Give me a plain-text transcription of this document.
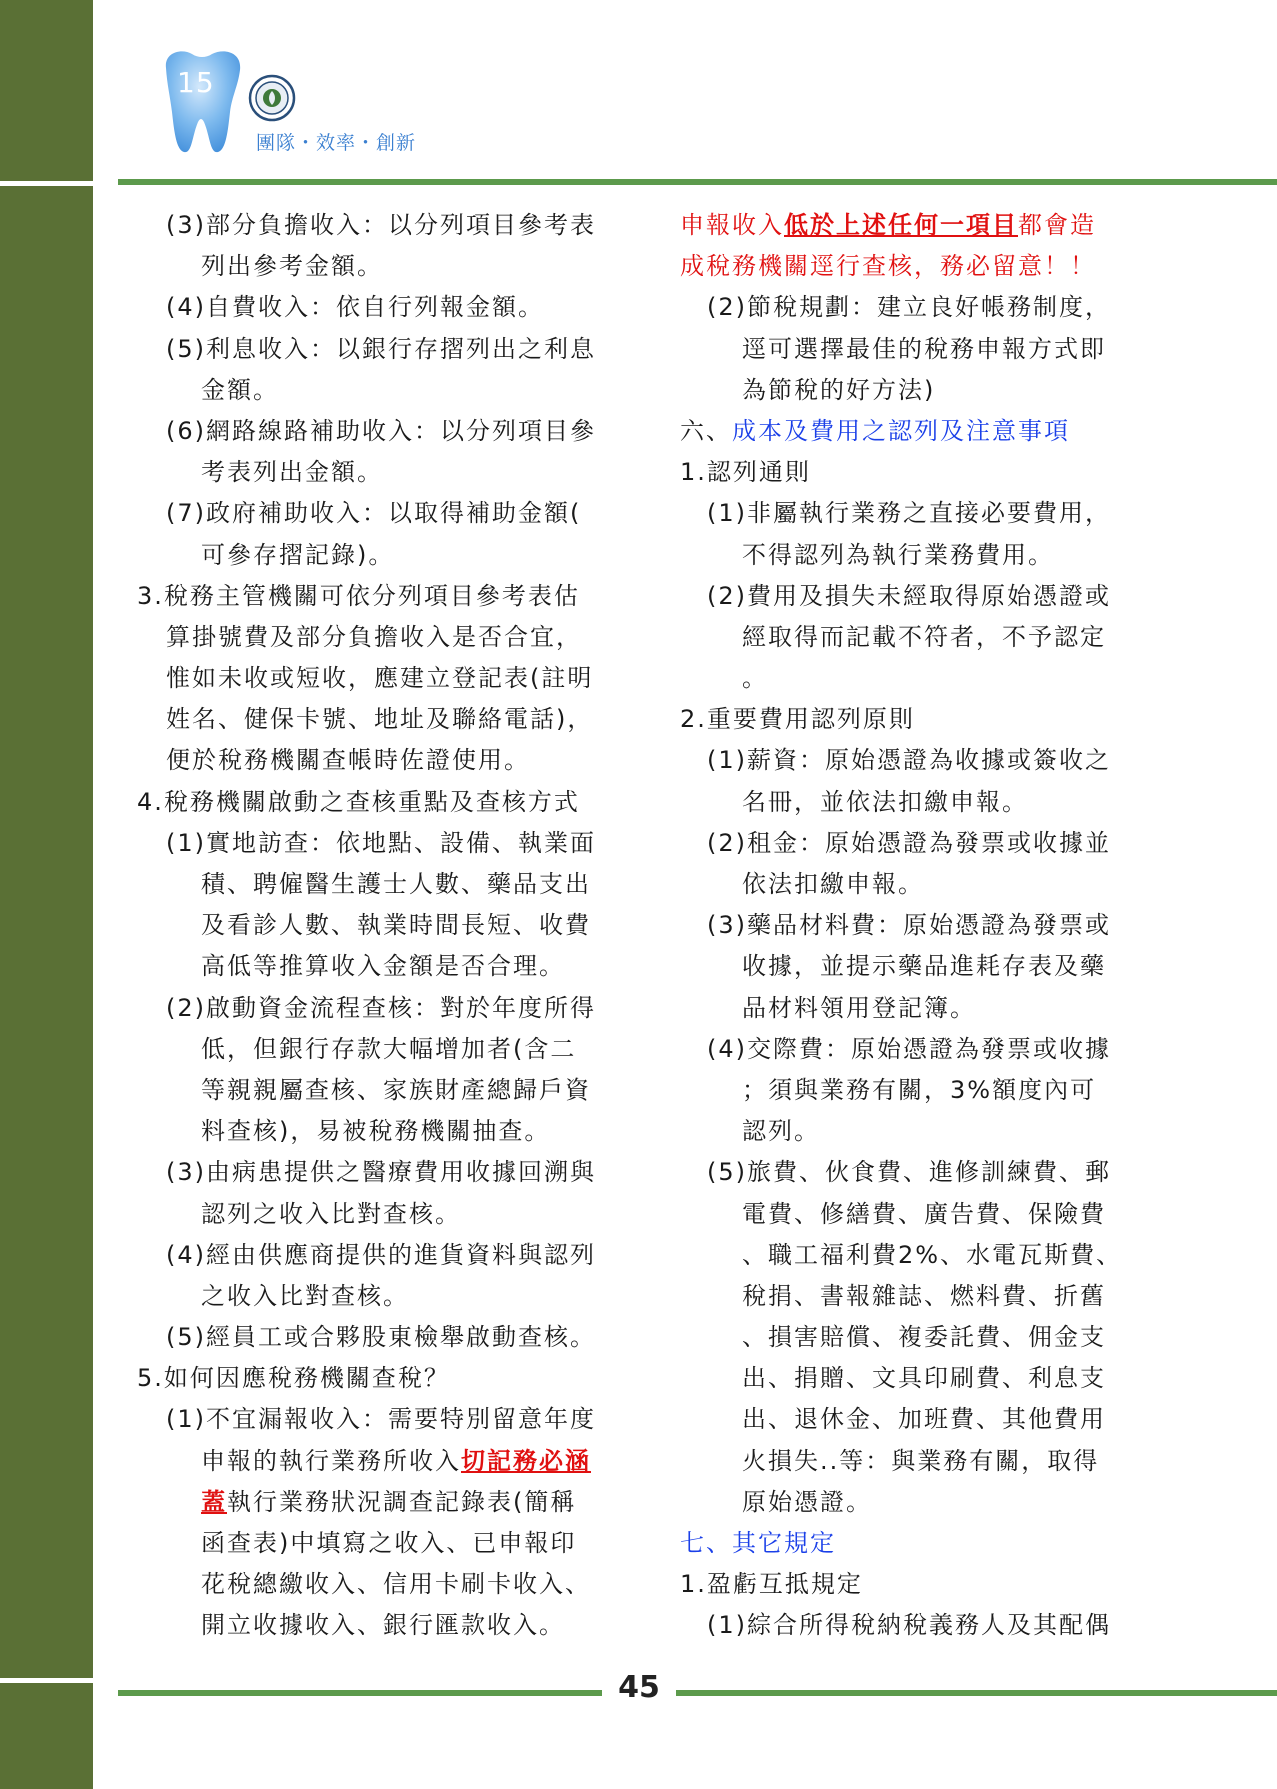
15
團隊・效率・創新
(3)部分負擔收入：以分列項目參考表
列出參考金額。
(4)自費收入：依自行列報金額。
(5)利息收入：以銀行存摺列出之利息
金額。
(6)網路線路補助收入：以分列項目參
考表列出金額。
(7)政府補助收入：以取得補助金額(
可參存摺記錄)。
3.稅務主管機關可依分列項目參考表估
算掛號費及部分負擔收入是否合宜，
惟如未收或短收，應建立登記表(註明
姓名、健保卡號、地址及聯絡電話)，
便於稅務機關查帳時佐證使用。
4.稅務機關啟動之查核重點及查核方式
(1)實地訪查：依地點、設備、執業面
積、聘僱醫生護士人數、藥品支出
及看診人數、執業時間長短、收費
高低等推算收入金額是否合理。
(2)啟動資金流程查核：對於年度所得
低，但銀行存款大幅增加者(含二
等親親屬查核、家族財產總歸戶資
料查核)，易被稅務機關抽查。
(3)由病患提供之醫療費用收據回溯與
認列之收入比對查核。
(4)經由供應商提供的進貨資料與認列
之收入比對查核。
(5)經員工或合夥股東檢舉啟動查核。
5.如何因應稅務機關查稅？
(1)不宜漏報收入：需要特別留意年度
申報的執行業務所收入切記務必涵
蓋執行業務狀況調查記錄表(簡稱
函查表)中填寫之收入、已申報印
花稅總繳收入、信用卡刷卡收入、
開立收據收入、銀行匯款收入。
申報收入低於上述任何一項目都會造
成稅務機關逕行查核，務必留意！！
(2)節稅規劃：建立良好帳務制度，
逕可選擇最佳的稅務申報方式即
為節稅的好方法)
六、成本及費用之認列及注意事項
1.認列通則
(1)非屬執行業務之直接必要費用，
不得認列為執行業務費用。
(2)費用及損失未經取得原始憑證或
經取得而記載不符者，不予認定
。
2.重要費用認列原則
(1)薪資：原始憑證為收據或簽收之
名冊，並依法扣繳申報。
(2)租金：原始憑證為發票或收據並
依法扣繳申報。
(3)藥品材料費：原始憑證為發票或
收據，並提示藥品進耗存表及藥
品材料領用登記簿。
(4)交際費：原始憑證為發票或收據
；須與業務有關，3%額度內可
認列。
(5)旅費、伙食費、進修訓練費、郵
電費、修繕費、廣告費、保險費
、職工福利費2%、水電瓦斯費、
稅捐、書報雜誌、燃料費、折舊
、損害賠償、複委託費、佣金支
出、捐贈、文具印刷費、利息支
出、退休金、加班費、其他費用
火損失..等：與業務有關，取得
原始憑證。
七、其它規定
1.盈虧互抵規定
(1)綜合所得稅納稅義務人及其配偶
45
